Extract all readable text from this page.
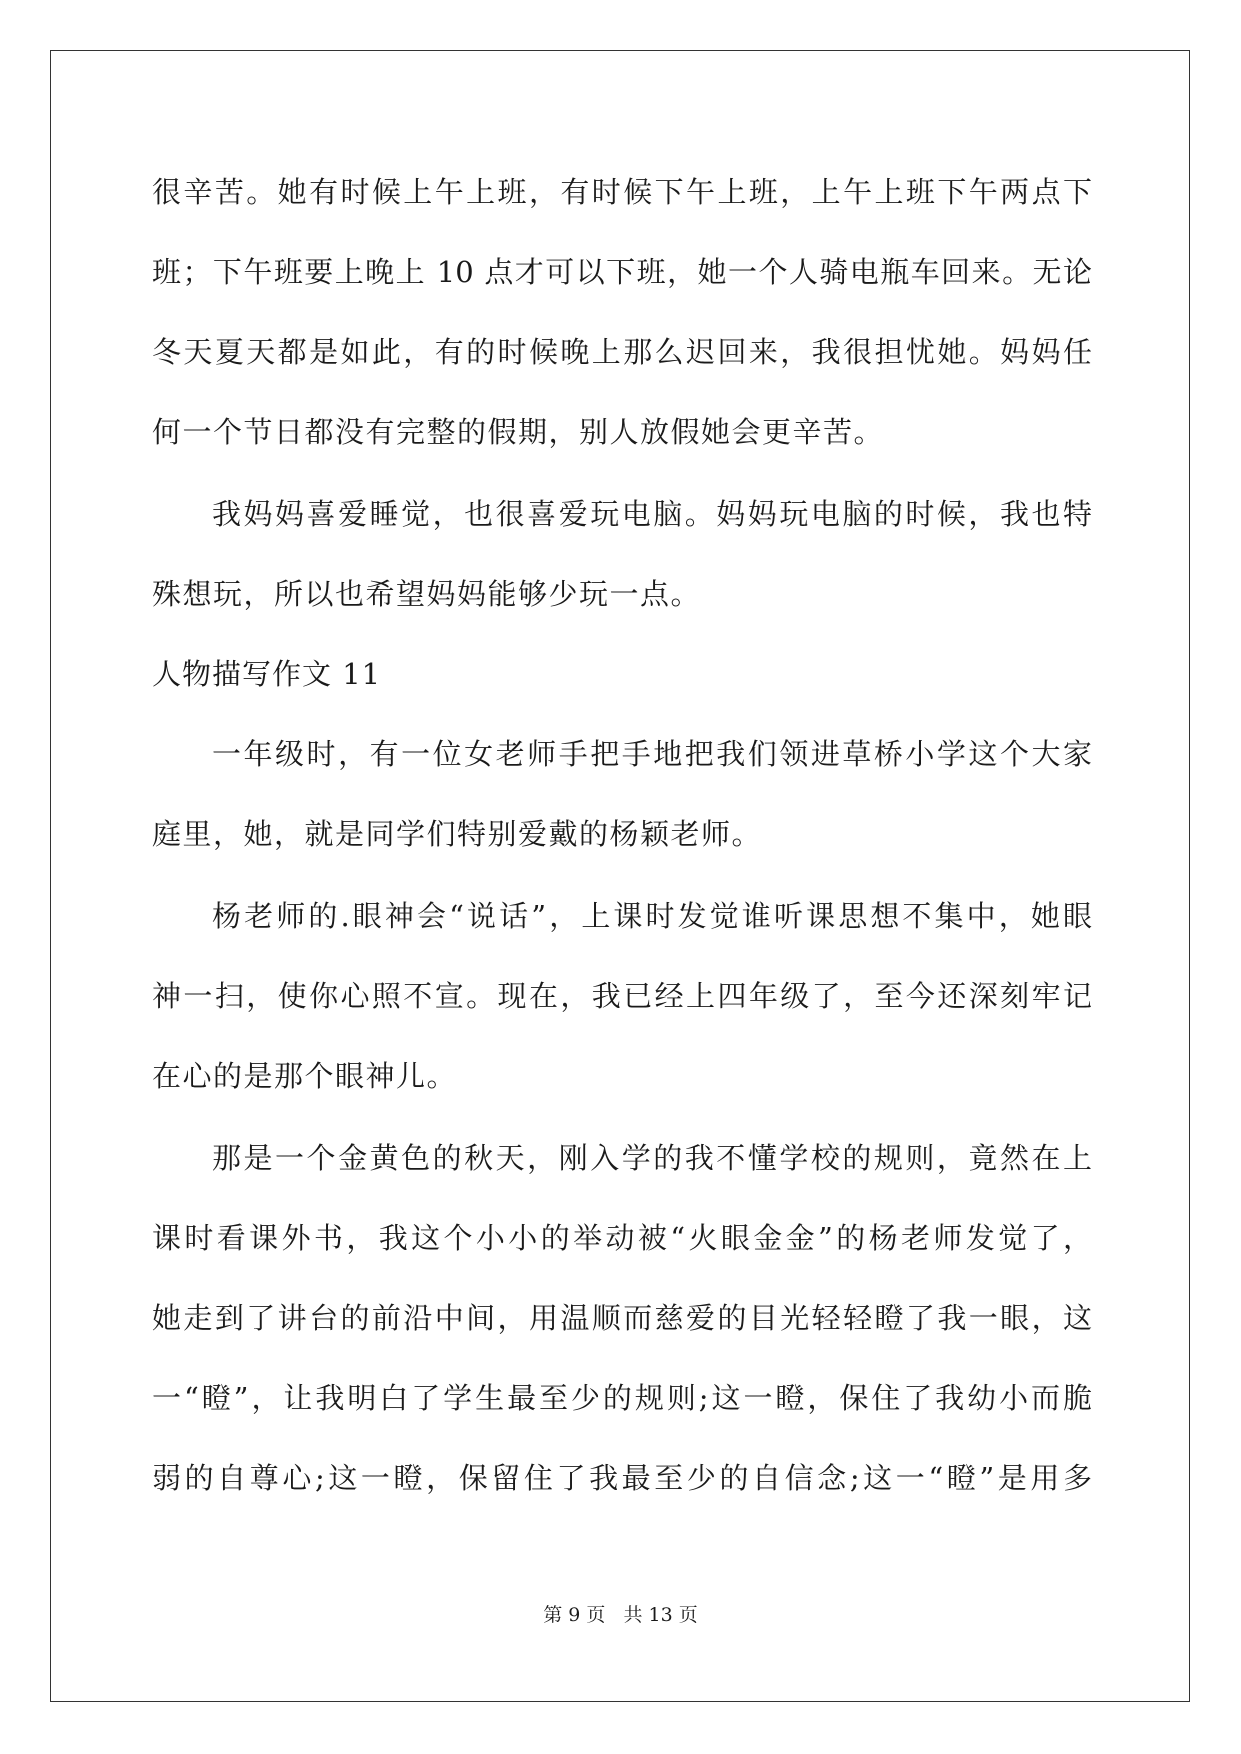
很辛苦。她有时候上午上班，有时候下午上班，上午上班下午两点下
班；下午班要上晚上 10 点才可以下班，她一个人骑电瓶车回来。无论
冬天夏天都是如此，有的时候晚上那么迟回来，我很担忧她。妈妈任
何一个节日都没有完整的假期，别人放假她会更辛苦。
我妈妈喜爱睡觉，也很喜爱玩电脑。妈妈玩电脑的时候，我也特
殊想玩，所以也希望妈妈能够少玩一点。
人物描写作文 11
一年级时，有一位女老师手把手地把我们领进草桥小学这个大家
庭里，她，就是同学们特别爱戴的杨颖老师。
杨老师的.眼神会“说话”，上课时发觉谁听课思想不集中，她眼
神一扫，使你心照不宣。现在，我已经上四年级了，至今还深刻牢记
在心的是那个眼神儿。
那是一个金黄色的秋天，刚入学的我不懂学校的规则，竟然在上
课时看课外书，我这个小小的举动被“火眼金金”的杨老师发觉了，
她走到了讲台的前沿中间，用温顺而慈爱的目光轻轻瞪了我一眼，这
一“瞪”，让我明白了学生最至少的规则;这一瞪，保住了我幼小而脆
弱的自尊心;这一瞪，保留住了我最至少的自信念;这一“瞪”是用多
第 9 页 共 13 页
